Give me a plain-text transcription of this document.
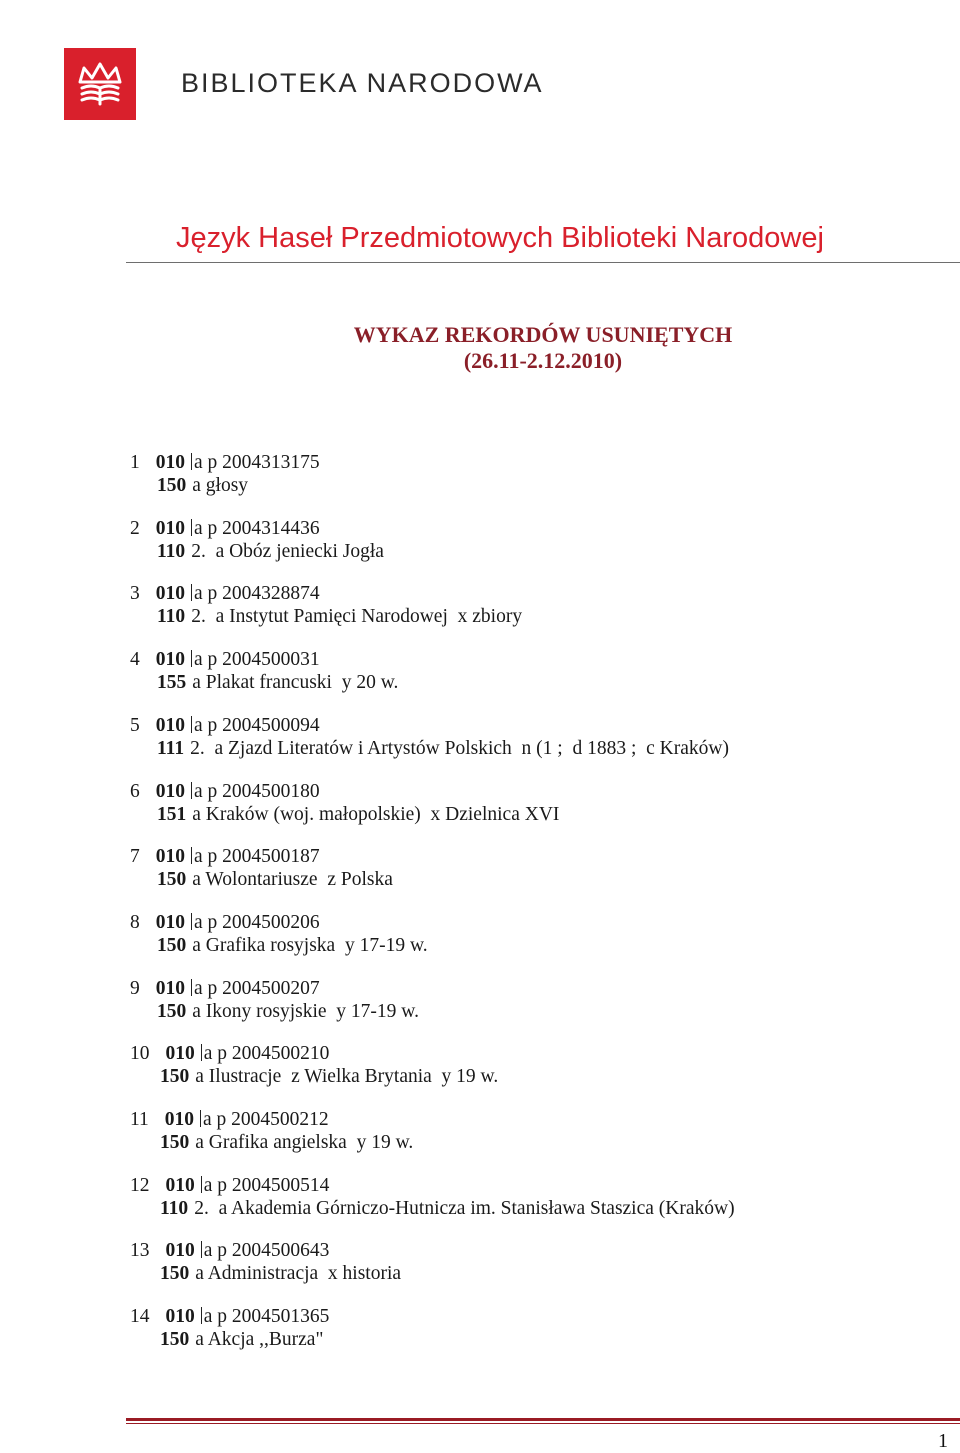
BIBLIOTEKA NARODOWA
Język Haseł Przedmiotowych Biblioteki Narodowej
WYKAZ REKORDÓW USUNIĘTYCH
(26.11-2.12.2010)
1 010 a p 2004313175
150 a głosy
2 010 a p 2004314436
110 2.  a Obóz jeniecki Jogła
3 010 a p 2004328874
110 2.  a Instytut Pamięci Narodowej  x zbiory
4 010 a p 2004500031
155 a Plakat francuski  y 20 w.
5 010 a p 2004500094
111 2.  a Zjazd Literatów i Artystów Polskich  n (1 ;  d 1883 ;  c Kraków)
6 010 a p 2004500180
151 a Kraków (woj. małopolskie)  x Dzielnica XVI
7 010 a p 2004500187
150 a Wolontariusze  z Polska
8 010 a p 2004500206
150 a Grafika rosyjska  y 17-19 w.
9 010 a p 2004500207
150 a Ikony rosyjskie  y 17-19 w.
10 010 a p 2004500210
150 a Ilustracje  z Wielka Brytania  y 19 w.
11 010 a p 2004500212
150 a Grafika angielska  y 19 w.
12 010 a p 2004500514
110 2.  a Akademia Górniczo-Hutnicza im. Stanisława Staszica (Kraków)
13 010 a p 2004500643
150 a Administracja  x historia
14 010 a p 2004501365
150 a Akcja ,,Burza"
1
